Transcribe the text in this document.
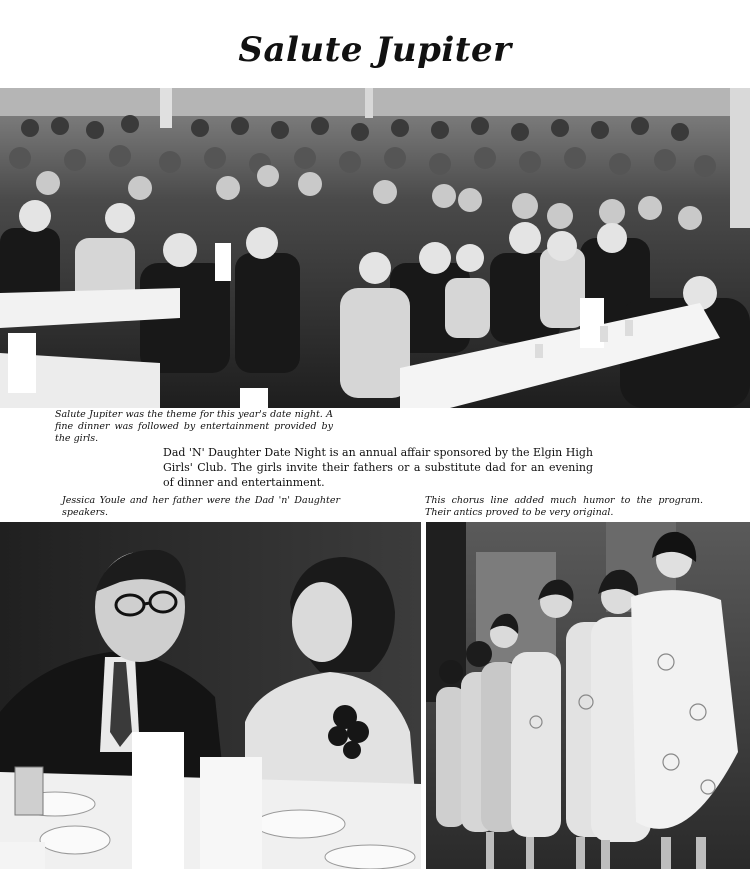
Salute Jupiter
Salute Jupiter was the theme for this year's date night. A fine dinner was followed by entertainment provided by the girls.
Dad 'N' Daughter Date Night is an annual affair sponsored by the Elgin High Girls' Club. The girls invite their fathers or a substitute dad for an evening of dinner and entertainment.
Jessica Youle and her father were the Dad 'n' Daughter speakers.
This chorus line added much humor to the program. Their antics proved to be very original.
